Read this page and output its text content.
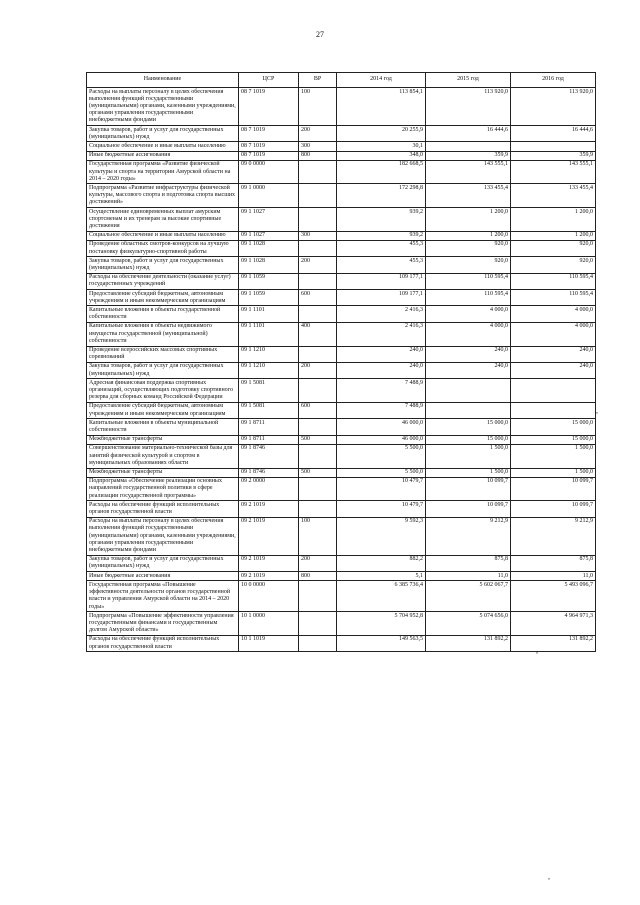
27
Наименование	ЦСР	ВР	2014 год	2015 год	2016 год
Расходы на выплаты персоналу в целях обеспечения выполнения функций государственными (муниципальными) органами, казенными учреждениями, органами управления государственными внебюджетными фондами	08 7 1019	100	113 854,1	113 920,0	113 920,0
Закупка товаров, работ и услуг для государственных (муниципальных) нужд	08 7 1019	200	20 255,9	16 444,6	16 444,6
Социальное обеспечение и иные выплаты населению	08 7 1019	300	30,1		
Иные бюджетные ассигнования	08 7 1019	800	348,0	359,9	359,9
Государственная программа «Развитие физической культуры и спорта на территории Амурской области на 2014 – 2020 годы»	09 0 0000		182 668,5	143 555,1	143 555,1
Подпрограмма «Развитие инфраструктуры физической культуры, массового спорта и подготовка спорта высших достижений»	09 1 0000		172 298,8	133 455,4	133 455,4
Осуществление единовременных выплат амурским спортсменам и их тренерам за высокие спортивные достижения	09 1 1027		939,2	1 200,0	1 200,0
Социальное обеспечение и иные выплаты населению	09 1 1027	300	939,2	1 200,0	1 200,0
Проведение областных смотров-конкурсов на лучшую постановку физкультурно-спортивной работы	09 1 1028		455,3	920,0	920,0
Закупка товаров, работ и услуг для государственных (муниципальных) нужд	09 1 1028	200	455,3	920,0	920,0
Расходы на обеспечение деятельности (оказание услуг) государственных учреждений	09 1 1059		109 177,1	110 595,4	110 595,4
Предоставление субсидий бюджетным, автономным учреждениям и иным некоммерческим организациям	09 1 1059	600	109 177,1	110 595,4	110 595,4
Капитальные вложения в объекты государственной собственности	09 1 1101		2 416,3	4 000,0	4 000,0
Капитальные вложения в объекты недвижимого имущества государственной (муниципальной) собственности	09 1 1101	400	2 416,3	4 000,0	4 000,0
Проведение всероссийских массовых спортивных соревнований	09 1 1210		240,0	240,0	240,0
Закупка товаров, работ и услуг для государственных (муниципальных) нужд	09 1 1210	200	240,0	240,0	240,0
Адресная финансовая поддержка спортивных организаций, осуществляющих подготовку спортивного резерва для сборных команд Российской Федерации	09 1 5081		7 488,9		
Предоставление субсидий бюджетным, автономным учреждениям и иным некоммерческим организациям	09 1 5081	600	7 488,9		
Капитальные вложения в объекты муниципальной собственности	09 1 8711		46 000,0	15 000,0	15 000,0
Межбюджетные трансферты	09 1 8711	500	46 000,0	15 000,0	15 000,0
Совершенствование материально-технической базы для занятий физической культурой и спортом в муниципальных образованиях области	09 1 8746		5 500,0	1 500,0	1 500,0
Межбюджетные трансферты	09 1 8746	500	5 500,0	1 500,0	1 500,0
Подпрограмма «Обеспечение реализации основных направлений государственной политики в сфере реализации государственной программы»	09 2 0000		10 479,7	10 099,7	10 099,7
Расходы на обеспечение функций исполнительных органов государственной власти	09 2 1019		10 479,7	10 099,7	10 099,7
Расходы на выплаты персоналу в целях обеспечения выполнения функций государственными (муниципальными) органами, казенными учреждениями, органами управления государственными внебюджетными фондами	09 2 1019	100	9 592,3	9 212,9	9 212,9
Закупка товаров, работ и услуг для государственных (муниципальных) нужд	09 2 1019	200	882,2	875,8	875,8
Иные бюджетные ассигнования	09 2 1019	800	5,1	11,0	11,0
Государственная программа «Повышение эффективности деятельности органов государственной власти и управления Амурской области на 2014 – 2020 годы»	10 0 0000		6 385 736,4	5 602 067,7	5 493 096,7
Подпрограмма «Повышение эффективности управления государственными финансами и государственным долгом Амурской области»	10 1 0000		5 704 952,8	5 074 656,0	4 964 971,3
Расходы на обеспечение функций исполнительных органов государственной власти	10 1 1019		149 563,5	131 892,2	131 892,2
,
,
,
